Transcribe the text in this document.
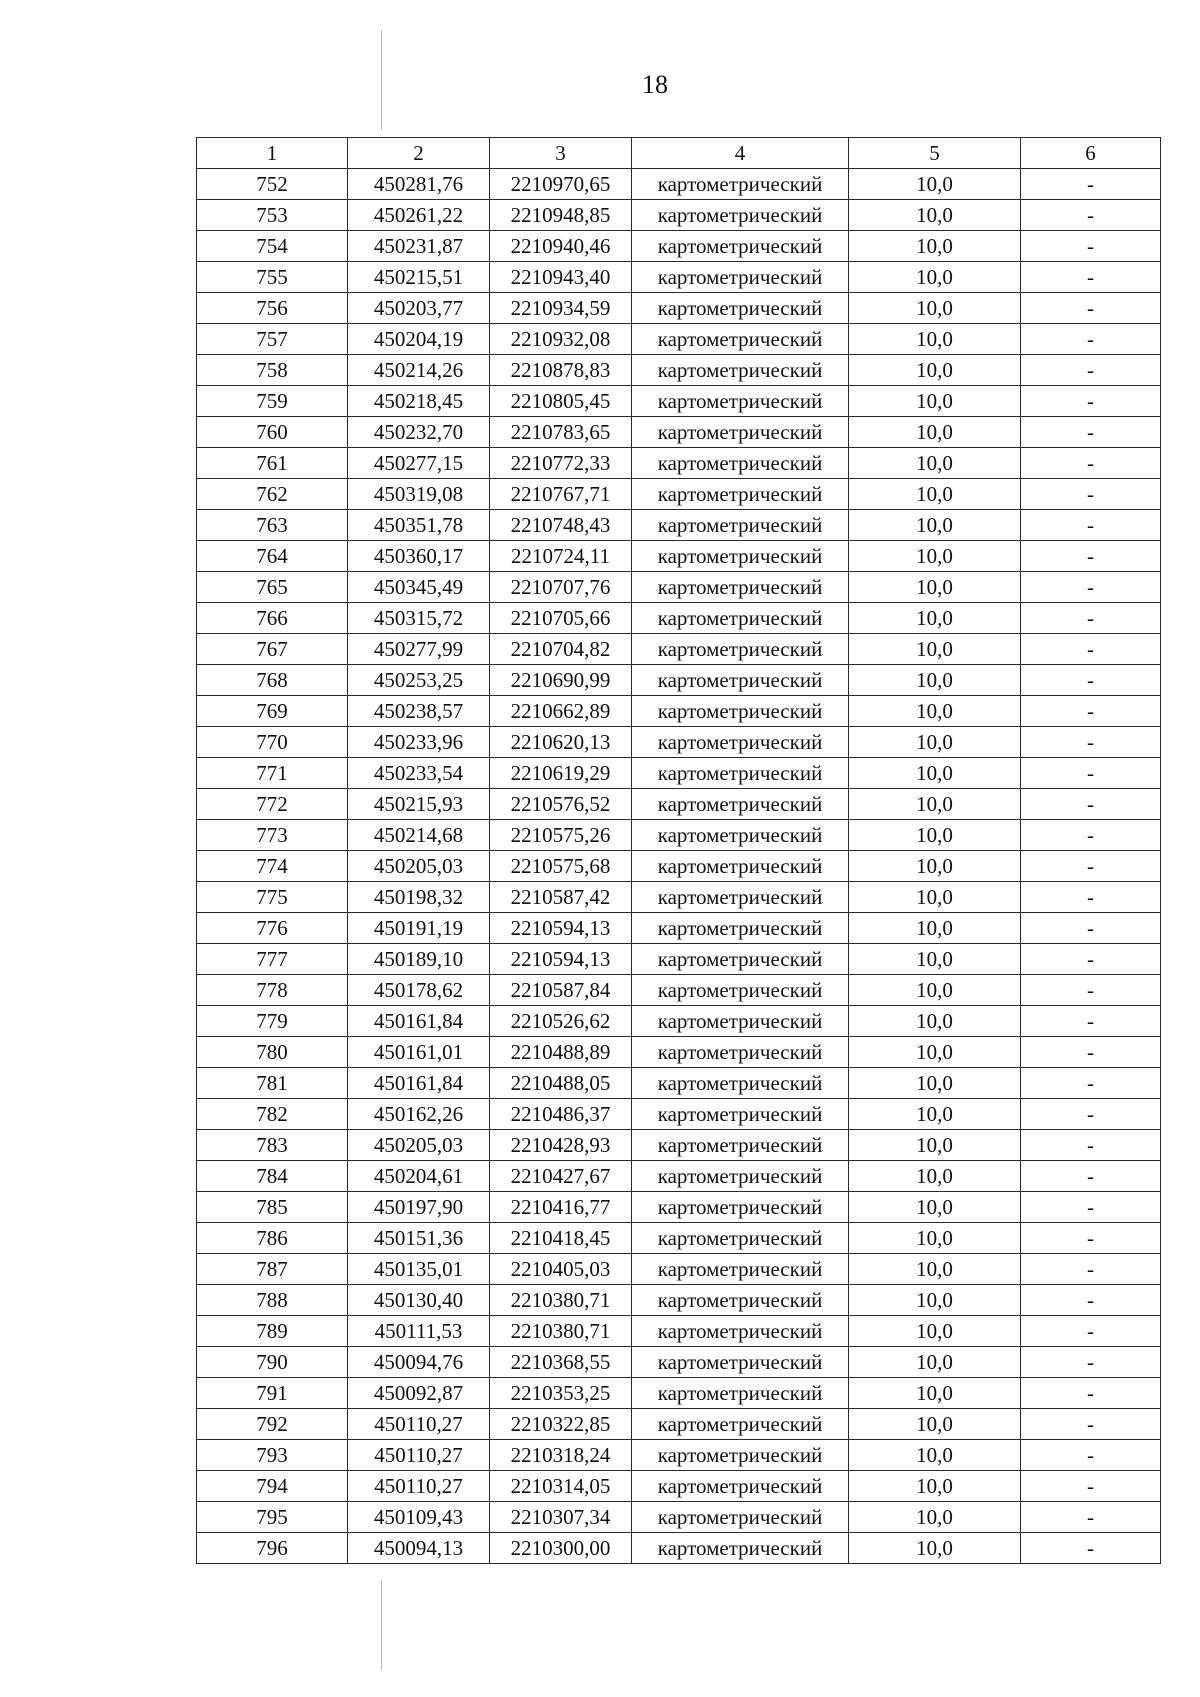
18
1	2	3	4	5	6
752	450281,76	2210970,65	картометрический	10,0	-
753	450261,22	2210948,85	картометрический	10,0	-
754	450231,87	2210940,46	картометрический	10,0	-
755	450215,51	2210943,40	картометрический	10,0	-
756	450203,77	2210934,59	картометрический	10,0	-
757	450204,19	2210932,08	картометрический	10,0	-
758	450214,26	2210878,83	картометрический	10,0	-
759	450218,45	2210805,45	картометрический	10,0	-
760	450232,70	2210783,65	картометрический	10,0	-
761	450277,15	2210772,33	картометрический	10,0	-
762	450319,08	2210767,71	картометрический	10,0	-
763	450351,78	2210748,43	картометрический	10,0	-
764	450360,17	2210724,11	картометрический	10,0	-
765	450345,49	2210707,76	картометрический	10,0	-
766	450315,72	2210705,66	картометрический	10,0	-
767	450277,99	2210704,82	картометрический	10,0	-
768	450253,25	2210690,99	картометрический	10,0	-
769	450238,57	2210662,89	картометрический	10,0	-
770	450233,96	2210620,13	картометрический	10,0	-
771	450233,54	2210619,29	картометрический	10,0	-
772	450215,93	2210576,52	картометрический	10,0	-
773	450214,68	2210575,26	картометрический	10,0	-
774	450205,03	2210575,68	картометрический	10,0	-
775	450198,32	2210587,42	картометрический	10,0	-
776	450191,19	2210594,13	картометрический	10,0	-
777	450189,10	2210594,13	картометрический	10,0	-
778	450178,62	2210587,84	картометрический	10,0	-
779	450161,84	2210526,62	картометрический	10,0	-
780	450161,01	2210488,89	картометрический	10,0	-
781	450161,84	2210488,05	картометрический	10,0	-
782	450162,26	2210486,37	картометрический	10,0	-
783	450205,03	2210428,93	картометрический	10,0	-
784	450204,61	2210427,67	картометрический	10,0	-
785	450197,90	2210416,77	картометрический	10,0	-
786	450151,36	2210418,45	картометрический	10,0	-
787	450135,01	2210405,03	картометрический	10,0	-
788	450130,40	2210380,71	картометрический	10,0	-
789	450111,53	2210380,71	картометрический	10,0	-
790	450094,76	2210368,55	картометрический	10,0	-
791	450092,87	2210353,25	картометрический	10,0	-
792	450110,27	2210322,85	картометрический	10,0	-
793	450110,27	2210318,24	картометрический	10,0	-
794	450110,27	2210314,05	картометрический	10,0	-
795	450109,43	2210307,34	картометрический	10,0	-
796	450094,13	2210300,00	картометрический	10,0	-
